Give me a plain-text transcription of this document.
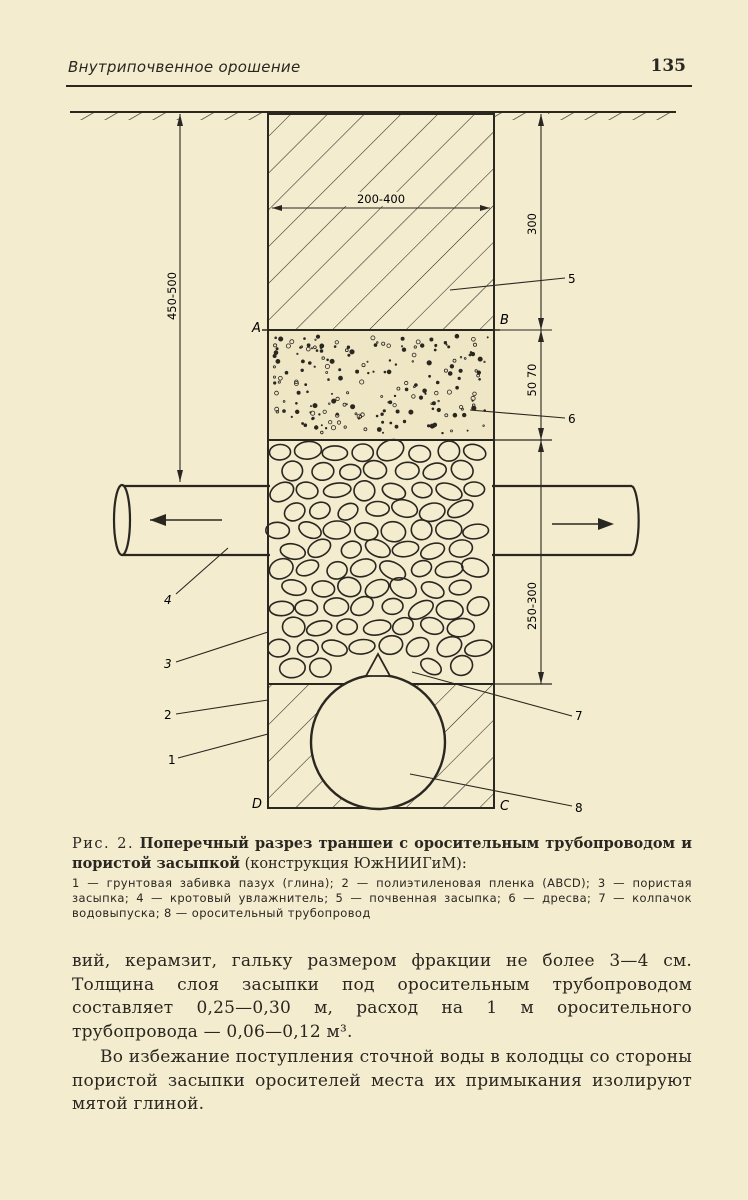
Внутрипочвенное орошение	135
200-400
450-500
300
50 70
250-300
A
B
C
D
5
6
4
3
2
1
7
8
Рис. 2. Поперечный разрез траншеи с оросительным трубопроводом и пористой засыпкой (конструкция ЮжНИИГиМ):
1 — грунтовая забивка пазух (глина); 2 — полиэтиленовая пленка (ABCD); 3 — пористая засыпка; 4 — кротовый увлажнитель; 5 — почвенная засыпка; 6 — дресва; 7 — колпачок водовыпуска; 8 — оросительный трубопровод

вий, керамзит, гальку размером фракции не более 3—4 см. Толщина слоя засыпки под оросительным трубопроводом составляет 0,25—0,30 м, расход на 1 м оросительного трубопровода — 0,06—0,12 м³.

Во избежание поступления сточной воды в колодцы со стороны пористой засыпки оросителей места их примыкания изолируют мятой глиной.
